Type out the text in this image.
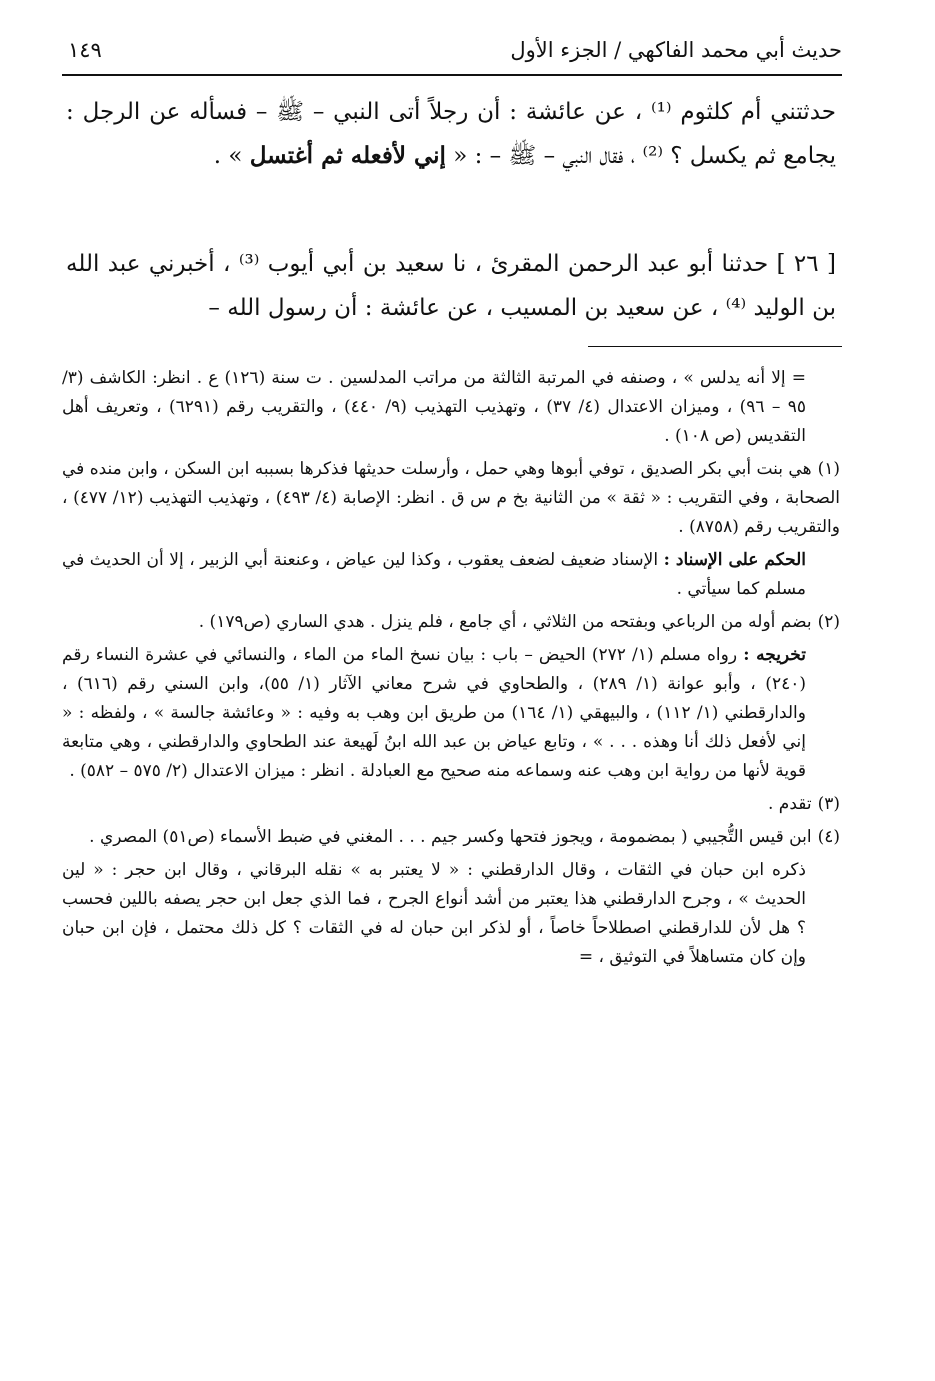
حديث أبي محمد الفاكهي / الجزء الأول
١٤٩

حدثتني أم كلثوم ⁽¹⁾ ، عن عائشة : أن رجلاً أتى النبي – ﷺ – فسأله عن الرجل : يجامع ثم يكسل ؟ ⁽²⁾ ، فقال النبي – ﷺ – : « إني لأفعله ثم أغتسل » .

[ ٢٦ ] حدثنا أبو عبد الرحمن المقرئ ، نا سعيد بن أبي أيوب ⁽³⁾ ، أخبرني عبد الله بن الوليد ⁽⁴⁾ ، عن سعيد بن المسيب ، عن عائشة : أن رسول الله –

= إلا أنه يدلس » ، وصنفه في المرتبة الثالثة من مراتب المدلسين . ت سنة (١٢٦) ع . انظر: الكاشف (٣/ ٩٥ – ٩٦) ، وميزان الاعتدال (٤/ ٣٧) ، وتهذيب التهذيب (٩/ ٤٤٠) ، والتقريب رقم (٦٢٩١) ، وتعريف أهل التقديس (ص ١٠٨) .

(١)
هي بنت أبي بكر الصديق ، توفي أبوها وهي حمل ، وأرسلت حديثها فذكرها بسببه ابن السكن ، وابن منده في الصحابة ، وفي التقريب : « ثقة » من الثانية بخ م س ق . انظر: الإصابة (٤/ ٤٩٣) ، وتهذيب التهذيب (١٢/ ٤٧٧) ، والتقريب رقم (٨٧٥٨) .
الحكم على الإسناد : الإسناد ضعيف لضعف يعقوب ، وكذا لين عياض ، وعنعنة أبي الزبير ، إلا أن الحديث في مسلم كما سيأتي .
(٢)
بضم أوله من الرباعي وبفتحه من الثلاثي ، أي جامع ، فلم ينزل . هدي الساري (ص١٧٩) .
تخريجه : رواه مسلم (١/ ٢٧٢) الحيض – باب : بيان نسخ الماء من الماء ، والنسائي في عشرة النساء رقم (٢٤٠) ، وأبو عوانة (١/ ٢٨٩) ، والطحاوي في شرح معاني الآثار (١/ ٥٥)، وابن السني رقم (٦١٦) ، والدارقطني (١/ ١١٢) ، والبيهقي (١/ ١٦٤) من طريق ابن وهب به وفيه : « وعائشة جالسة » ، ولفظه : « إني لأفعل ذلك أنا وهذه . . . » ، وتابع عياض بن عبد الله ابنُ لَهيعة عند الطحاوي والدارقطني ، وهي متابعة قوية لأنها من رواية ابن وهب عنه وسماعه منه صحيح مع العبادلة . انظر : ميزان الاعتدال (٢/ ٥٧٥ – ٥٨٢) .
(٣)
تقدم .
(٤)
ابن قيس التُّجيبي ( بمضمومة ، ويجوز فتحها وكسر جيم . . . المغني في ضبط الأسماء (ص٥١) المصري .

ذكره ابن حبان في الثقات ، وقال الدارقطني : « لا يعتبر به » نقله البرقاني ، وقال ابن حجر : « لين الحديث » ، وجرح الدارقطني هذا يعتبر من أشد أنواع الجرح ، فما الذي جعل ابن حجر يصفه باللين فحسب ؟ هل لأن للدارقطني اصطلاحاً خاصاً ، أو لذكر ابن حبان له في الثقات ؟ كل ذلك محتمل ، فإن ابن حبان وإن كان متساهلاً في التوثيق ، =
